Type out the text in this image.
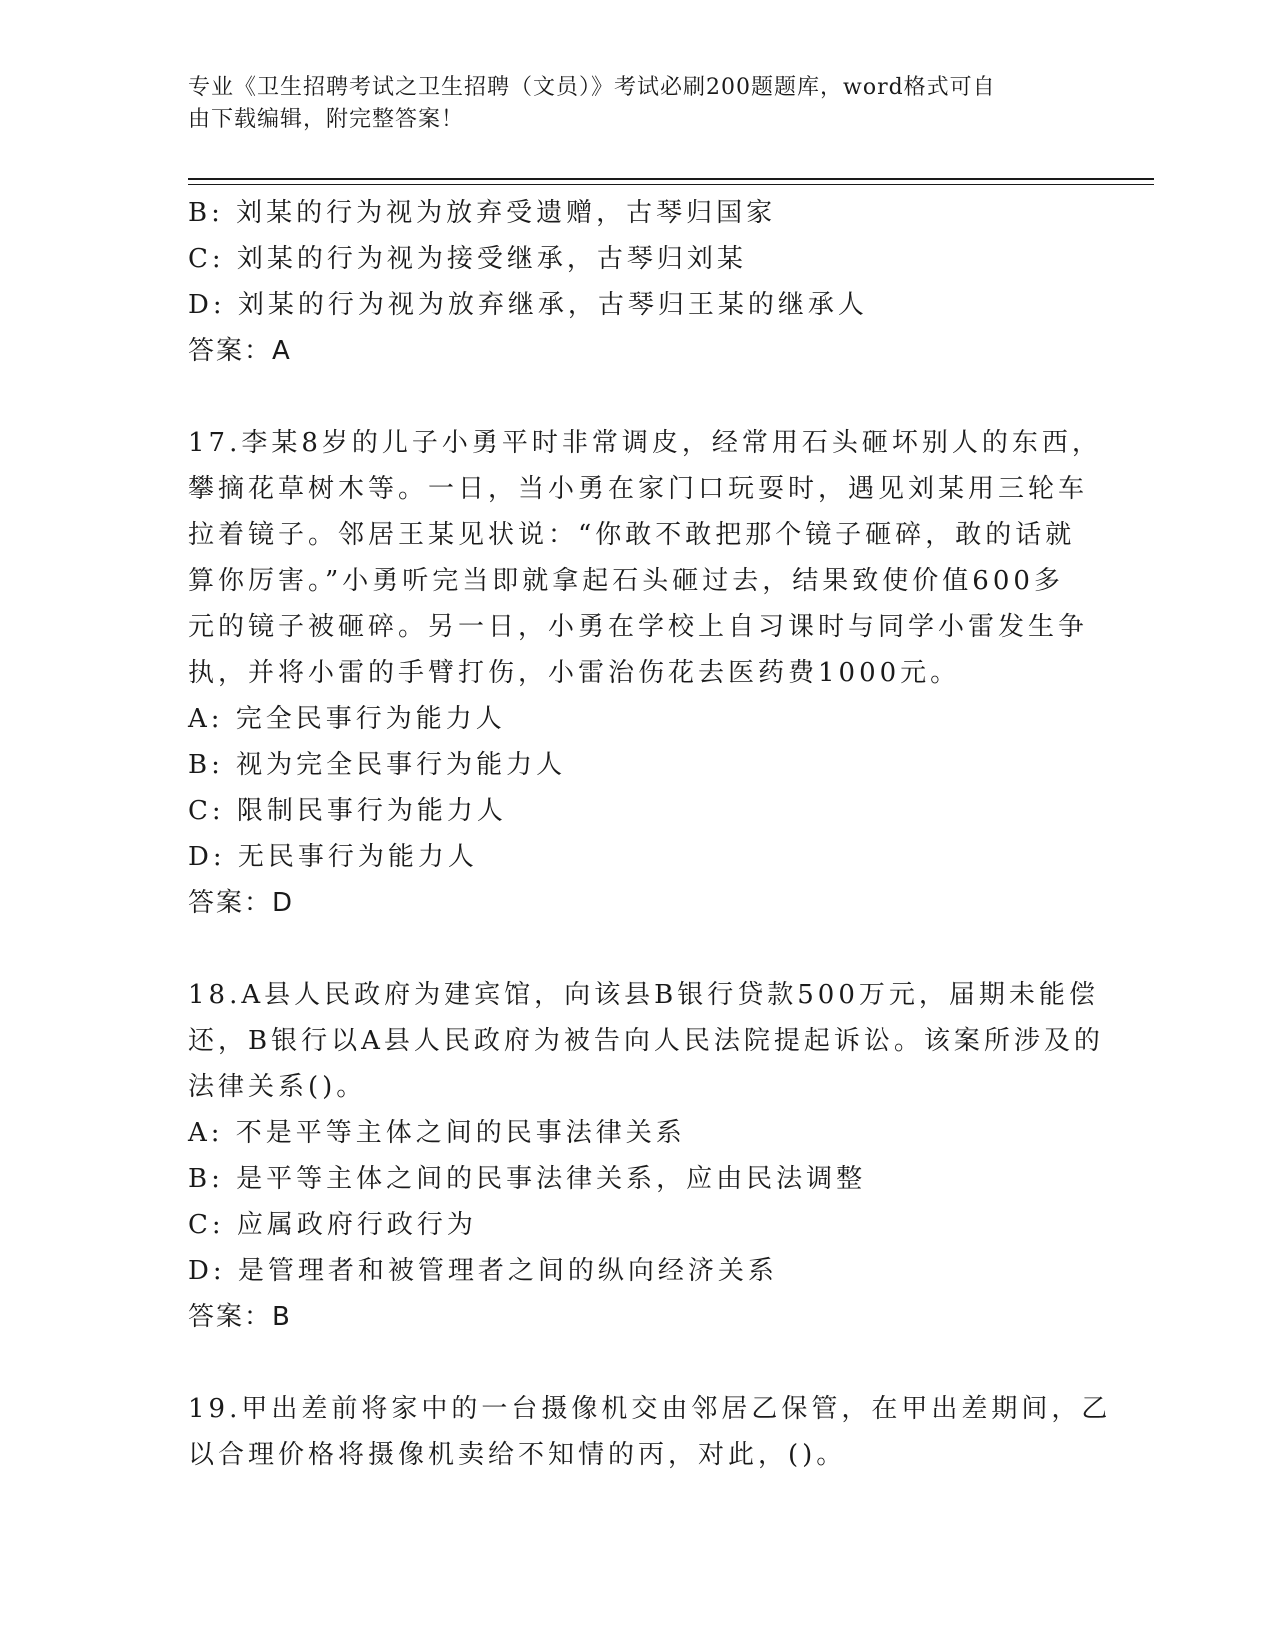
专业《卫生招聘考试之卫生招聘（文员）》考试必刷200题题库，word格式可自
由下载编辑，附完整答案！
B: 刘某的行为视为放弃受遗赠，古琴归国家
C: 刘某的行为视为接受继承，古琴归刘某
D: 刘某的行为视为放弃继承，古琴归王某的继承人
答案：A
17.李某8岁的儿子小勇平时非常调皮，经常用石头砸坏别人的东西，
攀摘花草树木等。一日，当小勇在家门口玩耍时，遇见刘某用三轮车
拉着镜子。邻居王某见状说：“你敢不敢把那个镜子砸碎，敢的话就
算你厉害。”小勇听完当即就拿起石头砸过去，结果致使价值600多
元的镜子被砸碎。另一日，小勇在学校上自习课时与同学小雷发生争
执，并将小雷的手臂打伤，小雷治伤花去医药费1000元。
A: 完全民事行为能力人
B: 视为完全民事行为能力人
C: 限制民事行为能力人
D: 无民事行为能力人
答案：D
18.A县人民政府为建宾馆，向该县B银行贷款500万元，届期未能偿
还，B银行以A县人民政府为被告向人民法院提起诉讼。该案所涉及的
法律关系()。
A: 不是平等主体之间的民事法律关系
B: 是平等主体之间的民事法律关系，应由民法调整
C: 应属政府行政行为
D: 是管理者和被管理者之间的纵向经济关系
答案：B
19.甲出差前将家中的一台摄像机交由邻居乙保管，在甲出差期间，乙
以合理价格将摄像机卖给不知情的丙，对此，()。
